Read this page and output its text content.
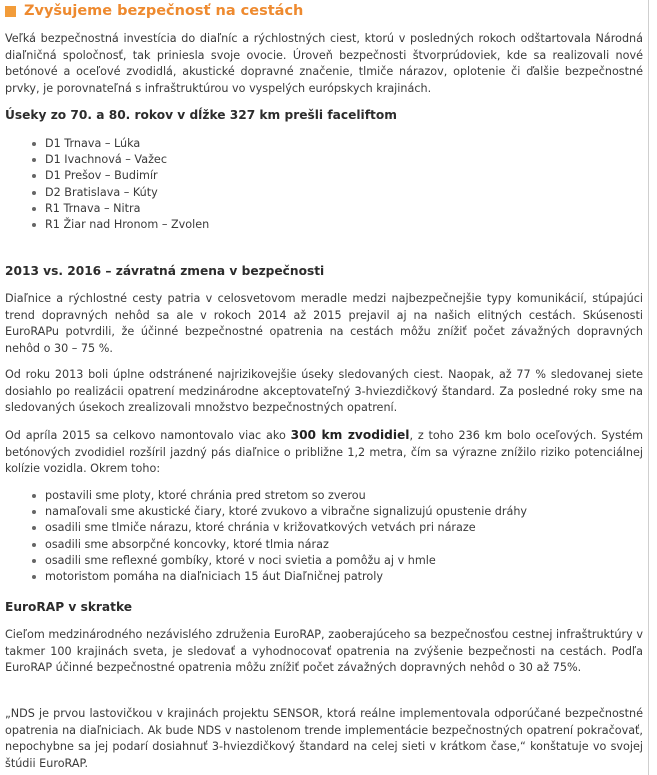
Zvyšujeme bezpečnosť na cestách

Veľká bezpečnostná investícia do diaľníc a rýchlostných ciest, ktorú v posledných rokoch odštartovala Národná diaľničná spoločnosť, tak priniesla svoje ovocie. Úroveň bezpečnosti štvorprúdoviek, kde sa realizovali nové betónové a oceľové zvodidlá, akustické dopravné značenie, tlmiče nárazov, oplotenie či ďalšie bezpečnostné prvky, je porovnateľná s infraštruktúrou vo vyspelých európskych krajinách.

Úseky zo 70. a 80. rokov v dĺžke 327 km prešli faceliftom
D1 Trnava – Lúka
D1 Ivachnová – Važec
D1 Prešov – Budimír
D2 Bratislava – Kúty
R1 Trnava – Nitra
R1 Žiar nad Hronom – Zvolen
2013 vs. 2016 – závratná zmena v bezpečnosti

Diaľnice a rýchlostné cesty patria v celosvetovom meradle medzi najbezpečnejšie typy komunikácií, stúpajúci trend dopravných nehôd sa ale v rokoch 2014 až 2015 prejavil aj na našich elitných cestách. Skúsenosti EuroRAPu potvrdili, že účinné bezpečnostné opatrenia na cestách môžu znížiť počet závažných dopravných nehôd o 30 – 75 %.

Od roku 2013 boli úplne odstránené najrizikovejšie úseky sledovaných ciest. Naopak, až 77 % sledovanej siete dosiahlo po realizácii opatrení medzinárodne akceptovateľný 3-hviezdičkový štandard. Za posledné roky sme na sledovaných úsekoch zrealizovali množstvo bezpečnostných opatrení.

Od apríla 2015 sa celkovo namontovalo viac ako 300 km zvodidiel, z toho 236 km bolo oceľových. Systém betónových zvodidiel rozšíril jazdný pás diaľnice o približne 1,2 metra, čím sa výrazne znížilo riziko potenciálnej kolízie vozidla. Okrem toho:

postavili sme ploty, ktoré chránia pred stretom so zverou
namaľovali sme akustické čiary, ktoré zvukovo a vibračne signalizujú opustenie dráhy
osadili sme tlmiče nárazu, ktoré chránia v križovatkových vetvách pri náraze
osadili sme absorpčné koncovky, ktoré tlmia náraz
osadili sme reflexné gombíky, ktoré v noci svietia a pomôžu aj v hmle
motoristom pomáha na diaľniciach 15 áut Diaľničnej patroly
EuroRAP v skratke

Cieľom medzinárodného nezávislého združenia EuroRAP, zaoberajúceho sa bezpečnosťou cestnej infraštruktúry v takmer 100 krajinách sveta, je sledovať a vyhodnocovať opatrenia na zvýšenie bezpečnosti na cestách. Podľa EuroRAP účinné bezpečnostné opatrenia môžu znížiť počet závažných dopravných nehôd o 30 až 75%.

„NDS je prvou lastovičkou v krajinách projektu SENSOR, ktorá reálne implementovala odporúčané bezpečnostné opatrenia na diaľniciach. Ak bude NDS v nastolenom trende implementácie bezpečnostných opatrení pokračovať, nepochybne sa jej podarí dosiahnuť 3-hviezdičkový štandard na celej sieti v krátkom čase,“ konštatuje vo svojej štúdii EuroRAP.
